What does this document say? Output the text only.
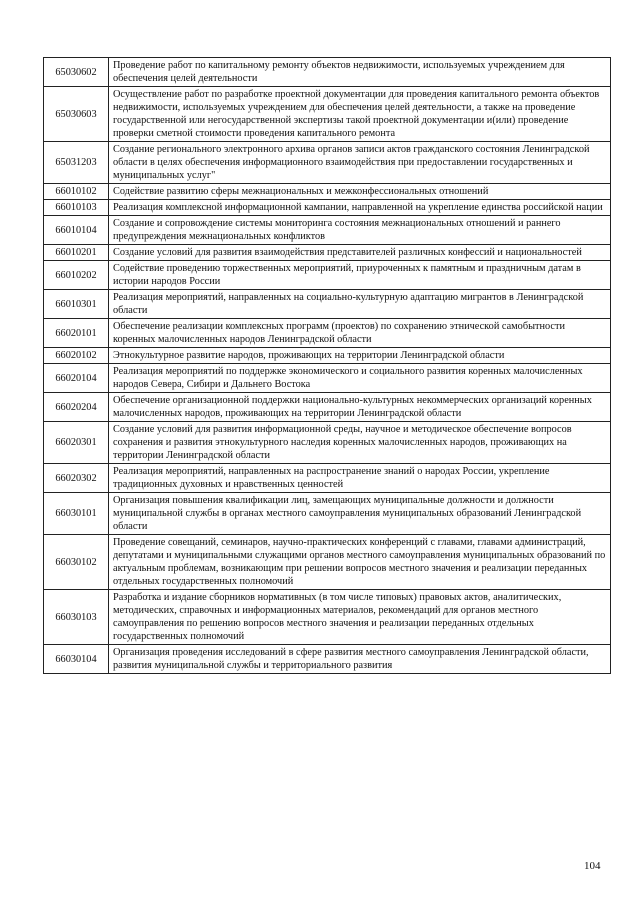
65030602	Проведение работ по капитальному ремонту объектов недвижимости, используемых учреждением для обеспечения целей деятельности
65030603	Осуществление работ по разработке проектной документации для проведения капитального ремонта объектов недвижимости, используемых учреждением для обеспечения целей деятельности, а также на проведение государственной или негосударственной экспертизы такой проектной документации и(или) проведение проверки сметной стоимости проведения капитального ремонта
65031203	Создание регионального электронного архива органов записи актов гражданского состояния Ленинградской области в целях обеспечения информационного взаимодействия при предоставлении государственных и муниципальных услуг"
66010102	Содействие развитию сферы межнациональных и межконфессиональных отношений
66010103	Реализация комплексной информационной кампании, направленной на укрепление единства российской нации
66010104	Создание и сопровождение системы мониторинга состояния межнациональных отношений и раннего предупреждения межнациональных конфликтов
66010201	Создание условий для развития взаимодействия представителей различных конфессий и национальностей
66010202	Содействие проведению торжественных мероприятий, приуроченных к памятным и праздничным датам в истории народов России
66010301	Реализация мероприятий, направленных на социально-культурную адаптацию мигрантов в Ленинградской области
66020101	Обеспечение реализации комплексных программ (проектов) по сохранению этнической самобытности коренных малочисленных народов Ленинградской области
66020102	Этнокультурное развитие народов, проживающих на территории Ленинградской области
66020104	Реализация мероприятий по поддержке экономического и социального развития коренных малочисленных народов Севера, Сибири и Дальнего Востока
66020204	Обеспечение организационной поддержки национально-культурных некоммерческих организаций коренных малочисленных народов, проживающих на территории Ленинградской области
66020301	Создание условий для развития информационной среды, научное и методическое обеспечение вопросов сохранения и развития этнокультурного наследия коренных малочисленных народов, проживающих на территории Ленинградской области
66020302	Реализация мероприятий, направленных на распространение знаний о народах России, укрепление традиционных духовных и нравственных ценностей
66030101	Организация повышения квалификации лиц, замещающих муниципальные должности и должности муниципальной службы в органах местного самоуправления муниципальных образований Ленинградской области
66030102	Проведение совещаний, семинаров, научно-практических конференций с главами, главами администраций, депутатами и муниципальными служащими органов местного самоуправления муниципальных образований по актуальным проблемам, возникающим при решении вопросов местного значения и реализации переданных отдельных государственных полномочий
66030103	Разработка и издание сборников нормативных (в том числе типовых) правовых актов, аналитических, методических, справочных и информационных материалов, рекомендаций для органов местного самоуправления по решению вопросов местного значения и реализации переданных отдельных государственных полномочий
66030104	Организация проведения исследований в сфере развития местного самоуправления Ленинградской области, развития муниципальной службы и территориального развития
104
